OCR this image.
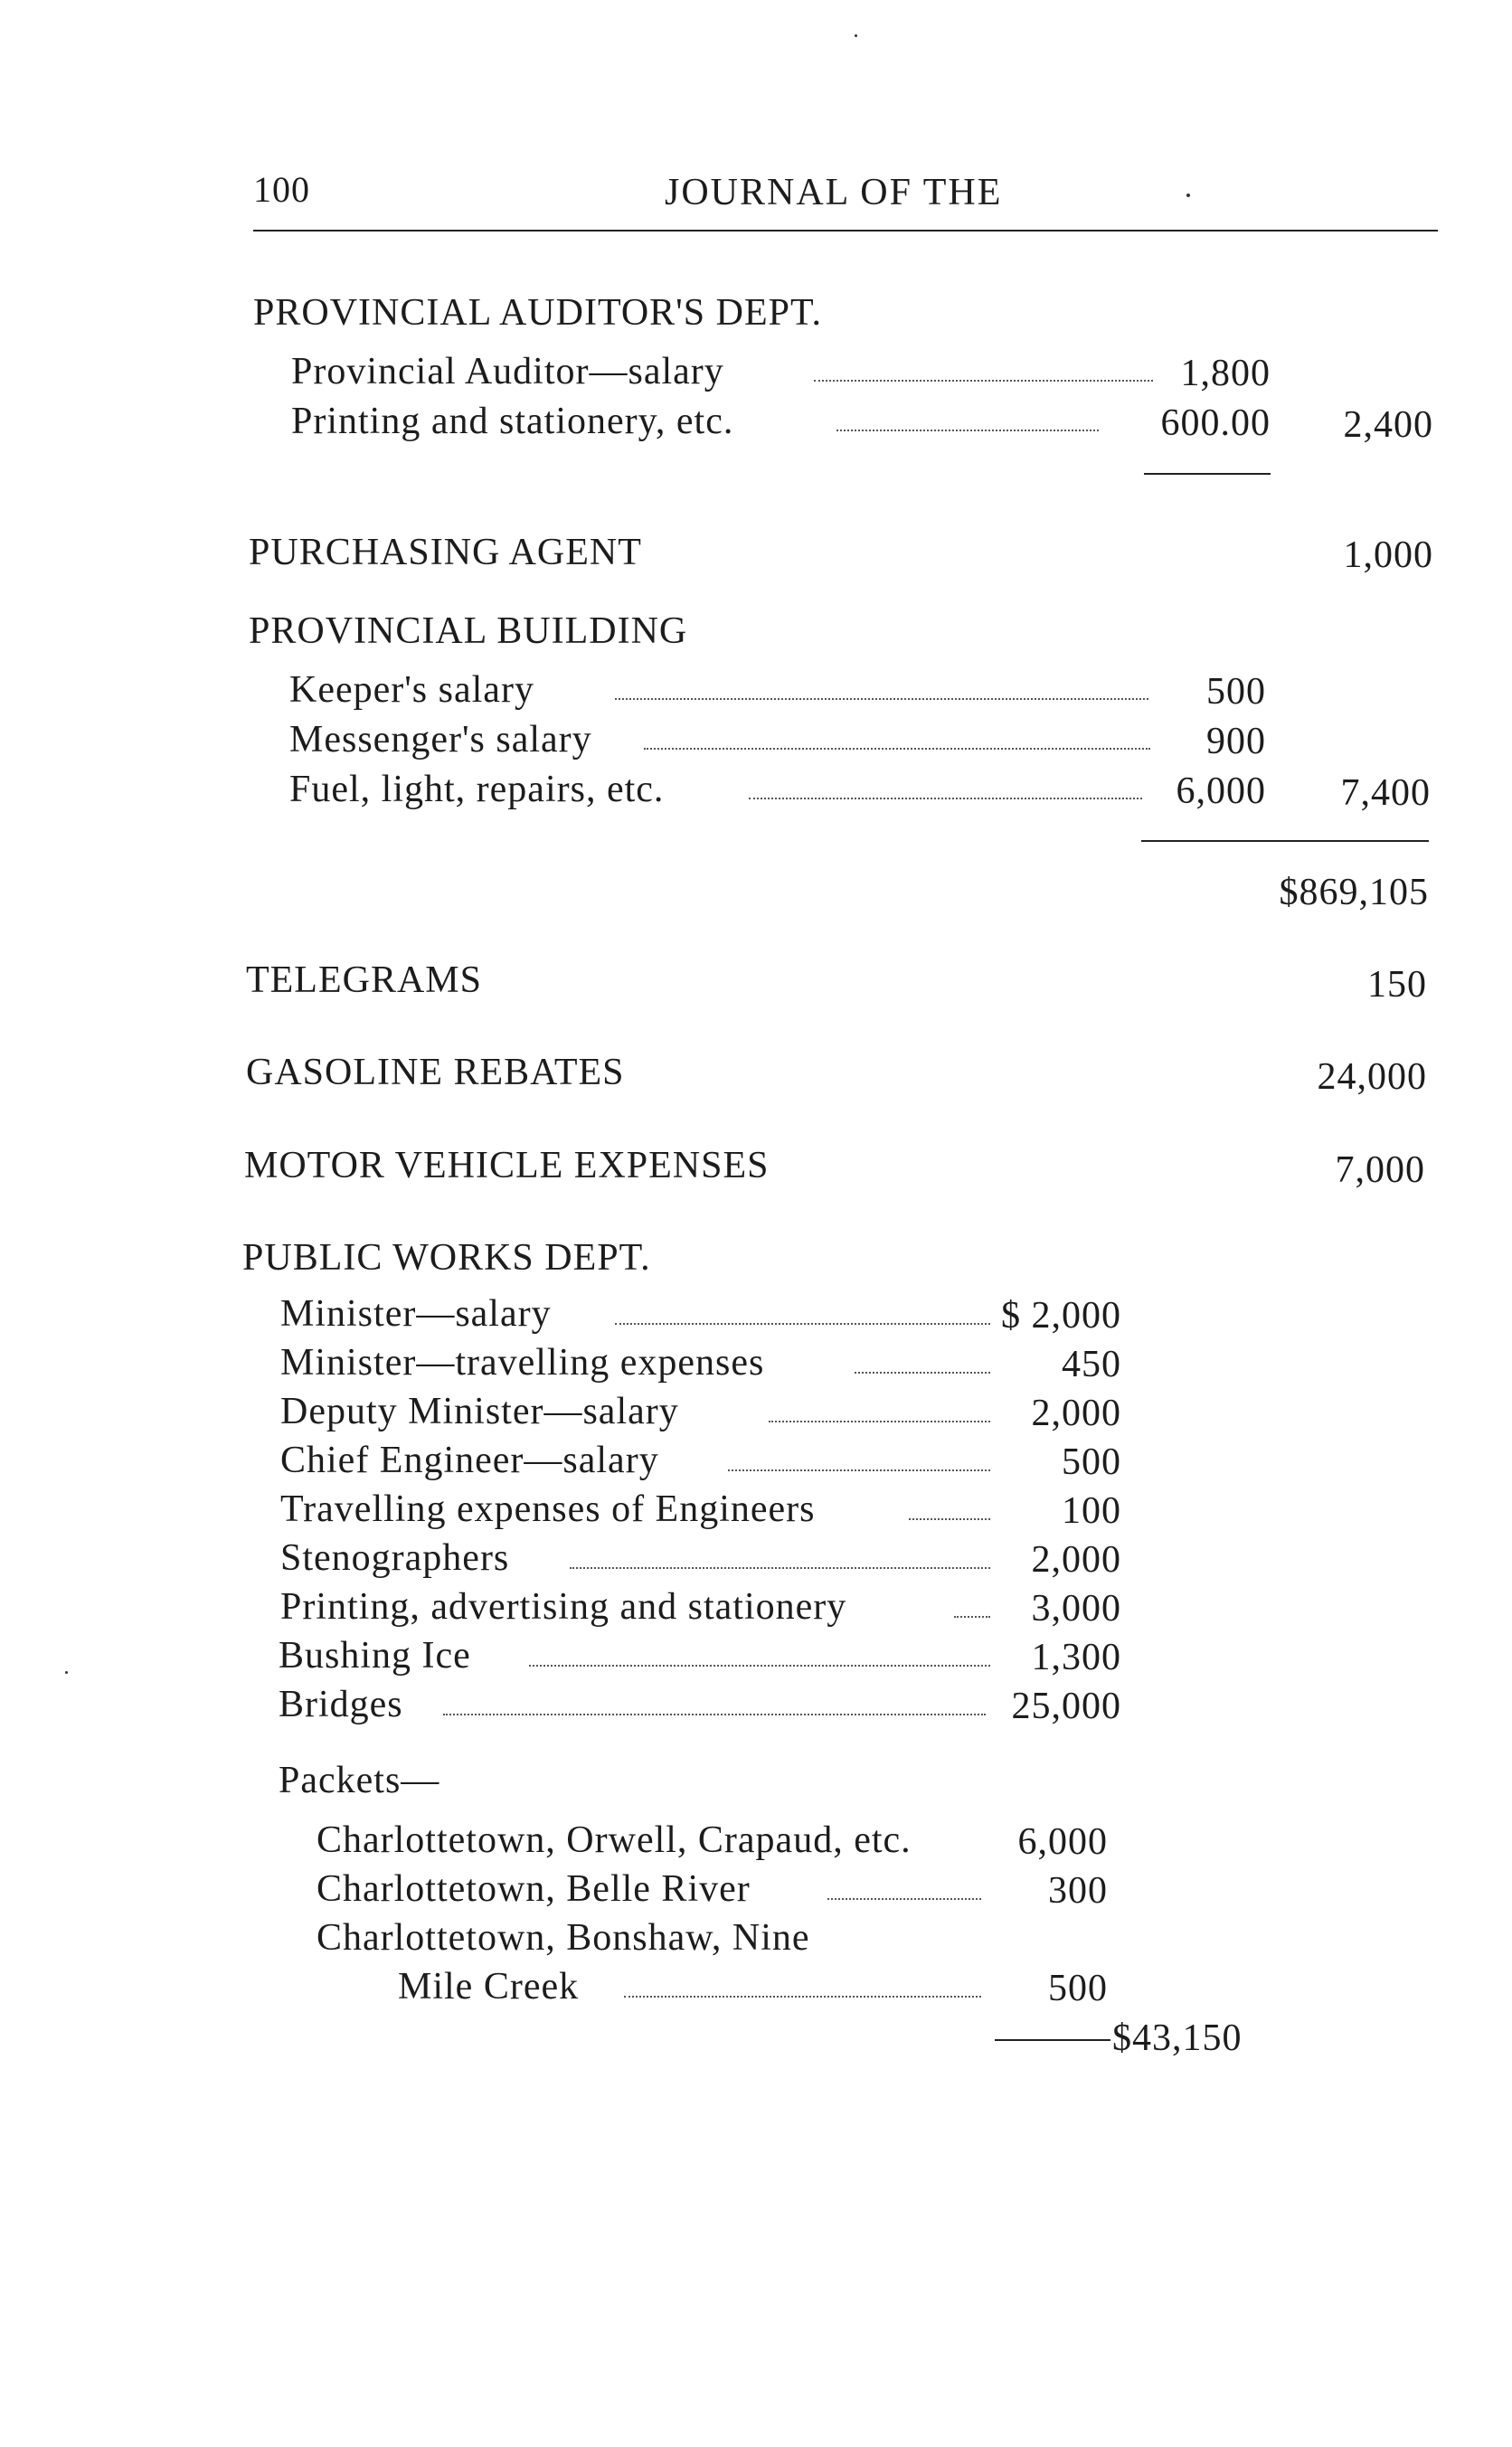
100	JOURNAL OF THE
PROVINCIAL AUDITOR'S DEPT.
Provincial Auditor—salary	1,800
Printing and stationery, etc.	600.00	2,400
PURCHASING AGENT	1,000
PROVINCIAL BUILDING
Keeper's salary	500
Messenger's salary	900
Fuel, light, repairs, etc.	6,000	7,400
$869,105
TELEGRAMS	150
GASOLINE REBATES	24,000
MOTOR VEHICLE EXPENSES	7,000
PUBLIC WORKS DEPT.
Minister—salary	$ 2,000
Minister—travelling expenses	450
Deputy Minister—salary	2,000
Chief Engineer—salary	500
Travelling expenses of Engineers	100
Stenographers	2,000
Printing, advertising and stationery	3,000
Bushing Ice	1,300
Bridges	25,000
Packets—
Charlottetown, Orwell, Crapaud, etc.	6,000
Charlottetown, Belle River	300
Charlottetown, Bonshaw, Nine
Mile Creek	500
$43,150
